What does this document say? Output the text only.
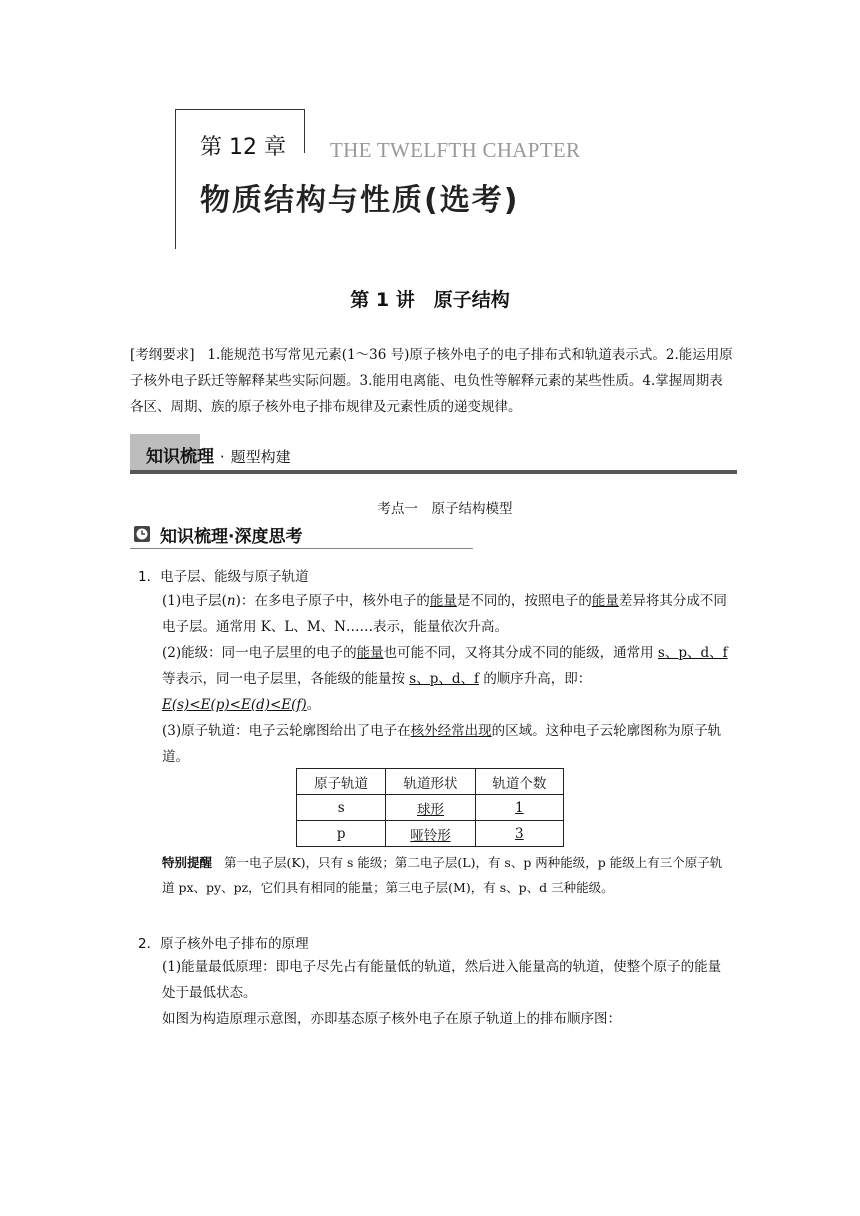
第 12 章 THE TWELFTH CHAPTER
物质结构与性质(选考)
第 1 讲　原子结构
[考纲要求] 1.能规范书写常见元素(1～36 号)原子核外电子的电子排布式和轨道表示式。2.能运用原子核外电子跃迁等解释某些实际问题。3.能用电离能、电负性等解释元素的某些性质。4.掌握周期表各区、周期、族的原子核外电子排布规律及元素性质的递变规律。
知识梳理 · 题型构建
考点一　原子结构模型
知识梳理·深度思考
1．电子层、能级与原子轨道
(1)电子层(n)：在多电子原子中，核外电子的能量是不同的，按照电子的能量差异将其分成不同电子层。通常用 K、L、M、N……表示，能量依次升高。
(2)能级：同一电子层里的电子的能量也可能不同，又将其分成不同的能级，通常用 s、p、d、f 等表示，同一电子层里，各能级的能量按 s、p、d、f 的顺序升高，即：
E(s)<E(p)<E(d)<E(f)。
(3)原子轨道：电子云轮廓图给出了电子在核外经常出现的区域。这种电子云轮廓图称为原子轨道。
原子轨道	轨道形状	轨道个数
s	球形	1
p	哑铃形	3
特别提醒 第一电子层(K)，只有 s 能级；第二电子层(L)，有 s、p 两种能级，p 能级上有三个原子轨道 px、py、pz，它们具有相同的能量；第三电子层(M)，有 s、p、d 三种能级。
2．原子核外电子排布的原理
(1)能量最低原理：即电子尽先占有能量低的轨道，然后进入能量高的轨道，使整个原子的能量处于最低状态。
如图为构造原理示意图，亦即基态原子核外电子在原子轨道上的排布顺序图：
